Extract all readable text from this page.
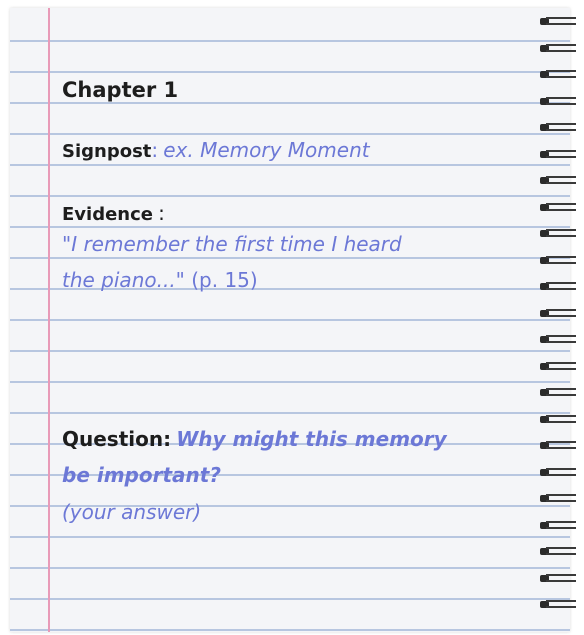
Chapter 1
Signpost: ex. Memory Moment
Evidence :
"I remember the first time I heard
the piano..." (p. 15)
Question: Why might this memory
be important?
(your answer)
